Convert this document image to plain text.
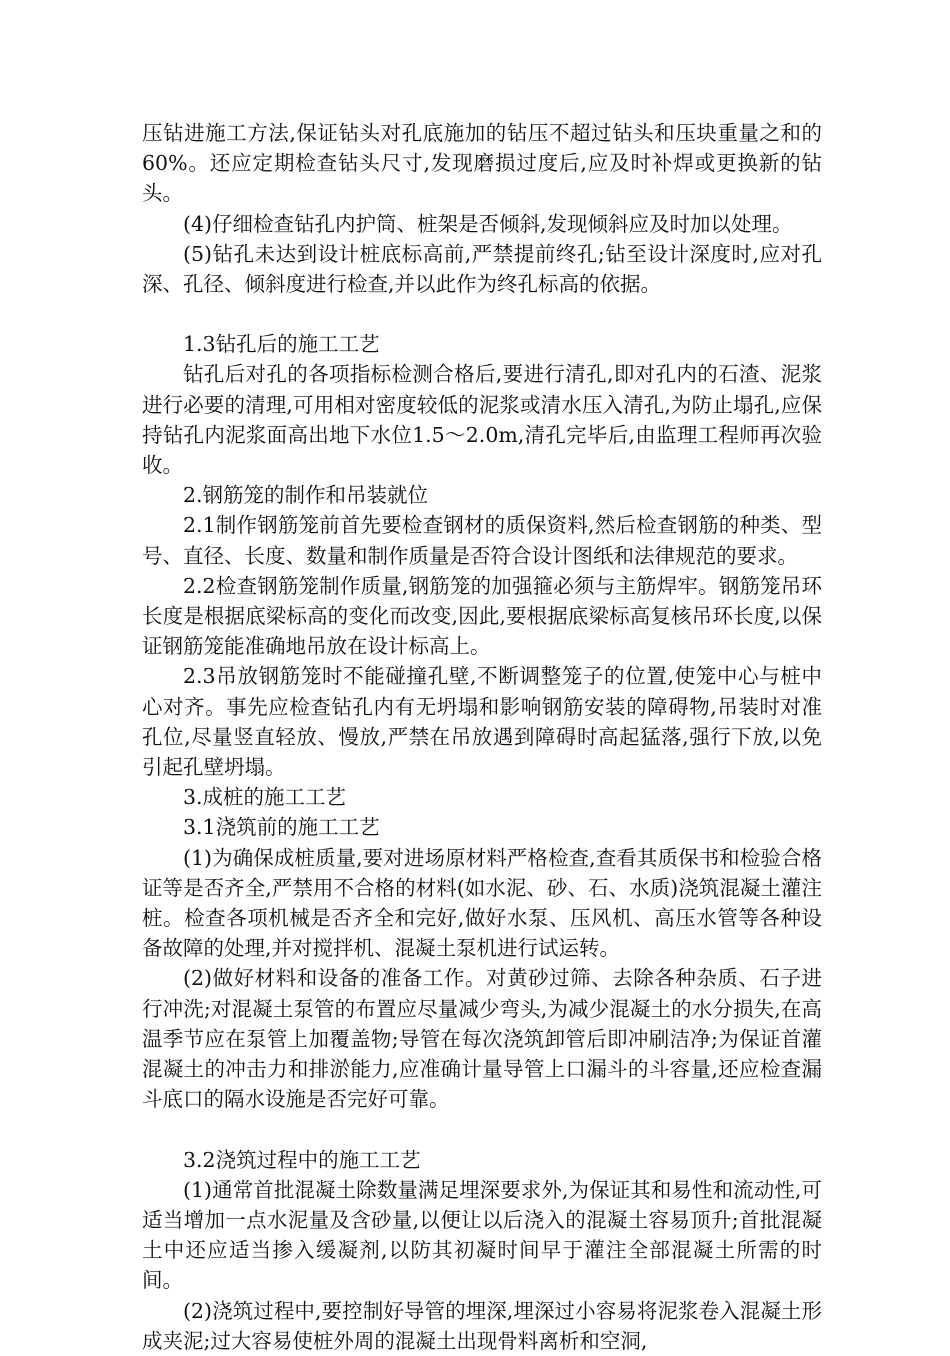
压钻进施工方法,保证钻头对孔底施加的钻压不超过钻头和压块重量之和的60%。还应定期检查钻头尺寸,发现磨损过度后,应及时补焊或更换新的钻头。

(4)仔细检查钻孔内护筒、桩架是否倾斜,发现倾斜应及时加以处理。

(5)钻孔未达到设计桩底标高前,严禁提前终孔;钻至设计深度时,应对孔深、孔径、倾斜度进行检查,并以此作为终孔标高的依据。

1.3钻孔后的施工工艺

钻孔后对孔的各项指标检测合格后,要进行清孔,即对孔内的石渣、泥浆进行必要的清理,可用相对密度较低的泥浆或清水压入清孔,为防止塌孔,应保持钻孔内泥浆面高出地下水位1.5～2.0m,清孔完毕后,由监理工程师再次验收。

2.钢筋笼的制作和吊装就位

2.1制作钢筋笼前首先要检查钢材的质保资料,然后检查钢筋的种类、型号、直径、长度、数量和制作质量是否符合设计图纸和法律规范的要求。

2.2检查钢筋笼制作质量,钢筋笼的加强箍必须与主筋焊牢。钢筋笼吊环长度是根据底梁标高的变化而改变,因此,要根据底梁标高复核吊环长度,以保证钢筋笼能准确地吊放在设计标高上。

2.3吊放钢筋笼时不能碰撞孔壁,不断调整笼子的位置,使笼中心与桩中心对齐。事先应检查钻孔内有无坍塌和影响钢筋安装的障碍物,吊装时对准孔位,尽量竖直轻放、慢放,严禁在吊放遇到障碍时高起猛落,强行下放,以免引起孔壁坍塌。

3.成桩的施工工艺

3.1浇筑前的施工工艺

(1)为确保成桩质量,要对进场原材料严格检查,查看其质保书和检验合格证等是否齐全,严禁用不合格的材料(如水泥、砂、石、水质)浇筑混凝土灌注桩。检查各项机械是否齐全和完好,做好水泵、压风机、高压水管等各种设备故障的处理,并对搅拌机、混凝土泵机进行试运转。

(2)做好材料和设备的准备工作。对黄砂过筛、去除各种杂质、石子进行冲洗;对混凝土泵管的布置应尽量减少弯头,为减少混凝土的水分损失,在高温季节应在泵管上加覆盖物;导管在每次浇筑卸管后即冲刷洁净;为保证首灌混凝土的冲击力和排淤能力,应准确计量导管上口漏斗的斗容量,还应检查漏斗底口的隔水设施是否完好可靠。

3.2浇筑过程中的施工工艺

(1)通常首批混凝土除数量满足埋深要求外,为保证其和易性和流动性,可适当增加一点水泥量及含砂量,以便让以后浇入的混凝土容易顶升;首批混凝土中还应适当掺入缓凝剂,以防其初凝时间早于灌注全部混凝土所需的时间。

(2)浇筑过程中,要控制好导管的埋深,埋深过小容易将泥浆卷入混凝土形成夹泥;过大容易使桩外周的混凝土出现骨料离析和空洞,
